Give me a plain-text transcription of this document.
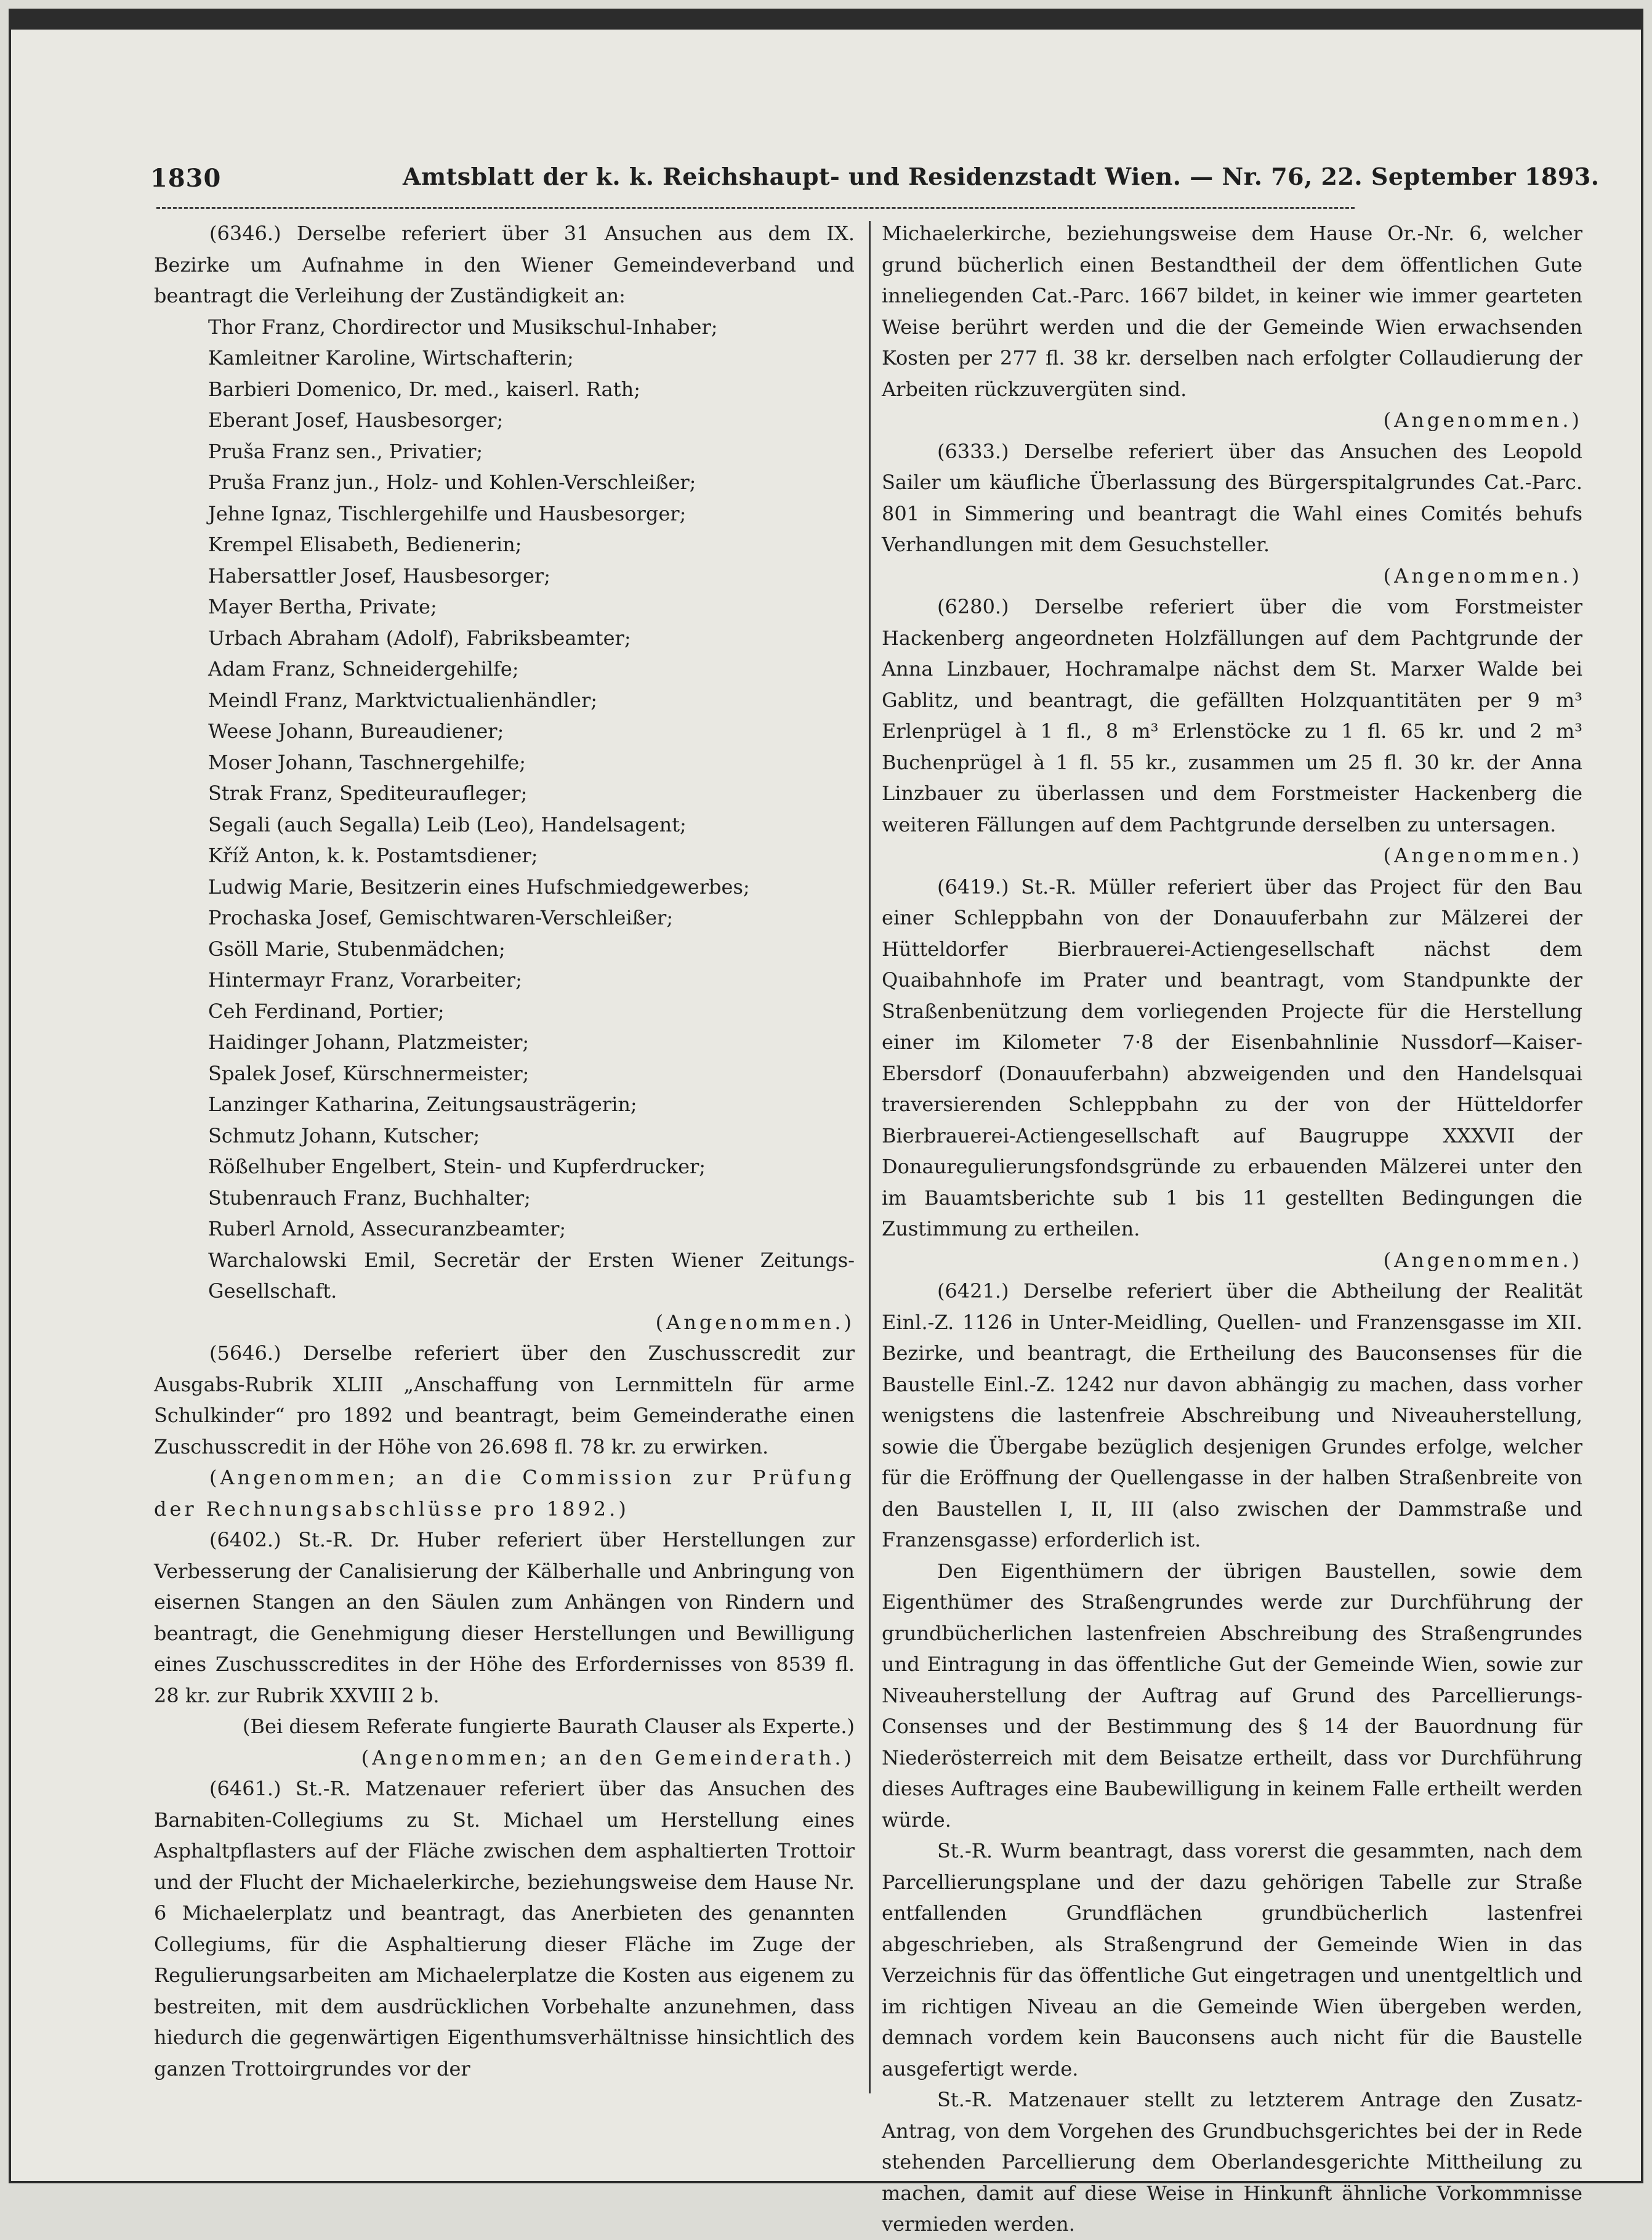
1830	Amtsblatt der k. k. Reichshaupt- und Residenzstadt Wien. — Nr. 76, 22. September 1893.

(6346.) Derselbe referiert über 31 Ansuchen aus dem IX. Bezirke um Aufnahme in den Wiener Gemeindeverband und beantragt die Verleihung der Zuständigkeit an:

Thor Franz, Chordirector und Musikschul-Inhaber;

Kamleitner Karoline, Wirtschafterin;

Barbieri Domenico, Dr. med., kaiserl. Rath;

Eberant Josef, Hausbesorger;

Pruša Franz sen., Privatier;

Pruša Franz jun., Holz- und Kohlen-Verschleißer;

Jehne Ignaz, Tischlergehilfe und Hausbesorger;

Krempel Elisabeth, Bedienerin;

Habersattler Josef, Hausbesorger;

Mayer Bertha, Private;

Urbach Abraham (Adolf), Fabriksbeamter;

Adam Franz, Schneidergehilfe;

Meindl Franz, Marktvictualienhändler;

Weese Johann, Bureaudiener;

Moser Johann, Taschnergehilfe;

Strak Franz, Spediteuraufleger;

Segali (auch Segalla) Leib (Leo), Handelsagent;

Kříž Anton, k. k. Postamtsdiener;

Ludwig Marie, Besitzerin eines Hufschmiedgewerbes;

Prochaska Josef, Gemischtwaren-Verschleißer;

Gsöll Marie, Stubenmädchen;

Hintermayr Franz, Vorarbeiter;

Ceh Ferdinand, Portier;

Haidinger Johann, Platzmeister;

Spalek Josef, Kürschnermeister;

Lanzinger Katharina, Zeitungsausträgerin;

Schmutz Johann, Kutscher;

Rößelhuber Engelbert, Stein- und Kupferdrucker;

Stubenrauch Franz, Buchhalter;

Ruberl Arnold, Assecuranzbeamter;

Warchalowski Emil, Secretär der Ersten Wiener Zeitungs-Gesellschaft.

(Angenommen.)

(5646.) Derselbe referiert über den Zuschusscredit zur Ausgabs-Rubrik XLIII „Anschaffung von Lernmitteln für arme Schulkinder“ pro 1892 und beantragt, beim Gemeinderathe einen Zuschusscredit in der Höhe von 26.698 fl. 78 kr. zu erwirken.

(Angenommen; an die Commission zur Prüfung der Rechnungsabschlüsse pro 1892.)

(6402.) St.-R. Dr. Huber referiert über Herstellungen zur Verbesserung der Canalisierung der Kälberhalle und Anbringung von eisernen Stangen an den Säulen zum Anhängen von Rindern und beantragt, die Genehmigung dieser Herstellungen und Bewilligung eines Zuschusscredites in der Höhe des Erfordernisses von 8539 fl. 28 kr. zur Rubrik XXVIII 2 b.

(Bei diesem Referate fungierte Baurath Clauser als Experte.)

(Angenommen; an den Gemeinderath.)

(6461.) St.-R. Matzenauer referiert über das Ansuchen des Barnabiten-Collegiums zu St. Michael um Herstellung eines Asphaltpflasters auf der Fläche zwischen dem asphaltierten Trottoir und der Flucht der Michaelerkirche, beziehungsweise dem Hause Nr. 6 Michaelerplatz und beantragt, das Anerbieten des genannten Collegiums, für die Asphaltierung dieser Fläche im Zuge der Regulierungsarbeiten am Michaelerplatze die Kosten aus eigenem zu bestreiten, mit dem ausdrücklichen Vorbehalte anzunehmen, dass hiedurch die gegenwärtigen Eigenthumsverhältnisse hinsichtlich des ganzen Trottoirgrundes vor der

Michaelerkirche, beziehungsweise dem Hause Or.-Nr. 6, welcher grund bücherlich einen Bestandtheil der dem öffentlichen Gute inneliegenden Cat.-Parc. 1667 bildet, in keiner wie immer gearteten Weise berührt werden und die der Gemeinde Wien erwachsenden Kosten per 277 fl. 38 kr. derselben nach erfolgter Collaudierung der Arbeiten rückzuvergüten sind.

(Angenommen.)

(6333.) Derselbe referiert über das Ansuchen des Leopold Sailer um käufliche Überlassung des Bürgerspitalgrundes Cat.-Parc. 801 in Simmering und beantragt die Wahl eines Comités behufs Verhandlungen mit dem Gesuchsteller.

(Angenommen.)

(6280.) Derselbe referiert über die vom Forstmeister Hackenberg angeordneten Holzfällungen auf dem Pachtgrunde der Anna Linzbauer, Hochramalpe nächst dem St. Marxer Walde bei Gablitz, und beantragt, die gefällten Holzquantitäten per 9 m³ Erlenprügel à 1 fl., 8 m³ Erlenstöcke zu 1 fl. 65 kr. und 2 m³ Buchenprügel à 1 fl. 55 kr., zusammen um 25 fl. 30 kr. der Anna Linzbauer zu überlassen und dem Forstmeister Hackenberg die weiteren Fällungen auf dem Pachtgrunde derselben zu untersagen.

(Angenommen.)

(6419.) St.-R. Müller referiert über das Project für den Bau einer Schleppbahn von der Donauuferbahn zur Mälzerei der Hütteldorfer Bierbrauerei-Actiengesellschaft nächst dem Quaibahnhofe im Prater und beantragt, vom Standpunkte der Straßenbenützung dem vorliegenden Projecte für die Herstellung einer im Kilometer 7·8 der Eisenbahnlinie Nussdorf—Kaiser-Ebersdorf (Donauuferbahn) abzweigenden und den Handelsquai traversierenden Schleppbahn zu der von der Hütteldorfer Bierbrauerei-Actiengesellschaft auf Baugruppe XXXVII der Donauregulierungsfondsgründe zu erbauenden Mälzerei unter den im Bauamtsberichte sub 1 bis 11 gestellten Bedingungen die Zustimmung zu ertheilen.

(Angenommen.)

(6421.) Derselbe referiert über die Abtheilung der Realität Einl.-Z. 1126 in Unter-Meidling, Quellen- und Franzensgasse im XII. Bezirke, und beantragt, die Ertheilung des Bauconsenses für die Baustelle Einl.-Z. 1242 nur davon abhängig zu machen, dass vorher wenigstens die lastenfreie Abschreibung und Niveauherstellung, sowie die Übergabe bezüglich desjenigen Grundes erfolge, welcher für die Eröffnung der Quellengasse in der halben Straßenbreite von den Baustellen I, II, III (also zwischen der Dammstraße und Franzensgasse) erforderlich ist.

Den Eigenthümern der übrigen Baustellen, sowie dem Eigenthümer des Straßengrundes werde zur Durchführung der grundbücherlichen lastenfreien Abschreibung des Straßengrundes und Eintragung in das öffentliche Gut der Gemeinde Wien, sowie zur Niveauherstellung der Auftrag auf Grund des Parcellierungs-Consenses und der Bestimmung des § 14 der Bauordnung für Niederösterreich mit dem Beisatze ertheilt, dass vor Durchführung dieses Auftrages eine Baubewilligung in keinem Falle ertheilt werden würde.

St.-R. Wurm beantragt, dass vorerst die gesammten, nach dem Parcellierungsplane und der dazu gehörigen Tabelle zur Straße entfallenden Grundflächen grundbücherlich lastenfrei abgeschrieben, als Straßengrund der Gemeinde Wien in das Verzeichnis für das öffentliche Gut eingetragen und unentgeltlich und im richtigen Niveau an die Gemeinde Wien übergeben werden, demnach vordem kein Bauconsens auch nicht für die Baustelle ausgefertigt werde.

St.-R. Matzenauer stellt zu letzterem Antrage den Zusatz-Antrag, von dem Vorgehen des Grundbuchsgerichtes bei der in Rede stehenden Parcellierung dem Oberlandesgerichte Mittheilung zu machen, damit auf diese Weise in Hinkunft ähnliche Vorkommnisse vermieden werden.
